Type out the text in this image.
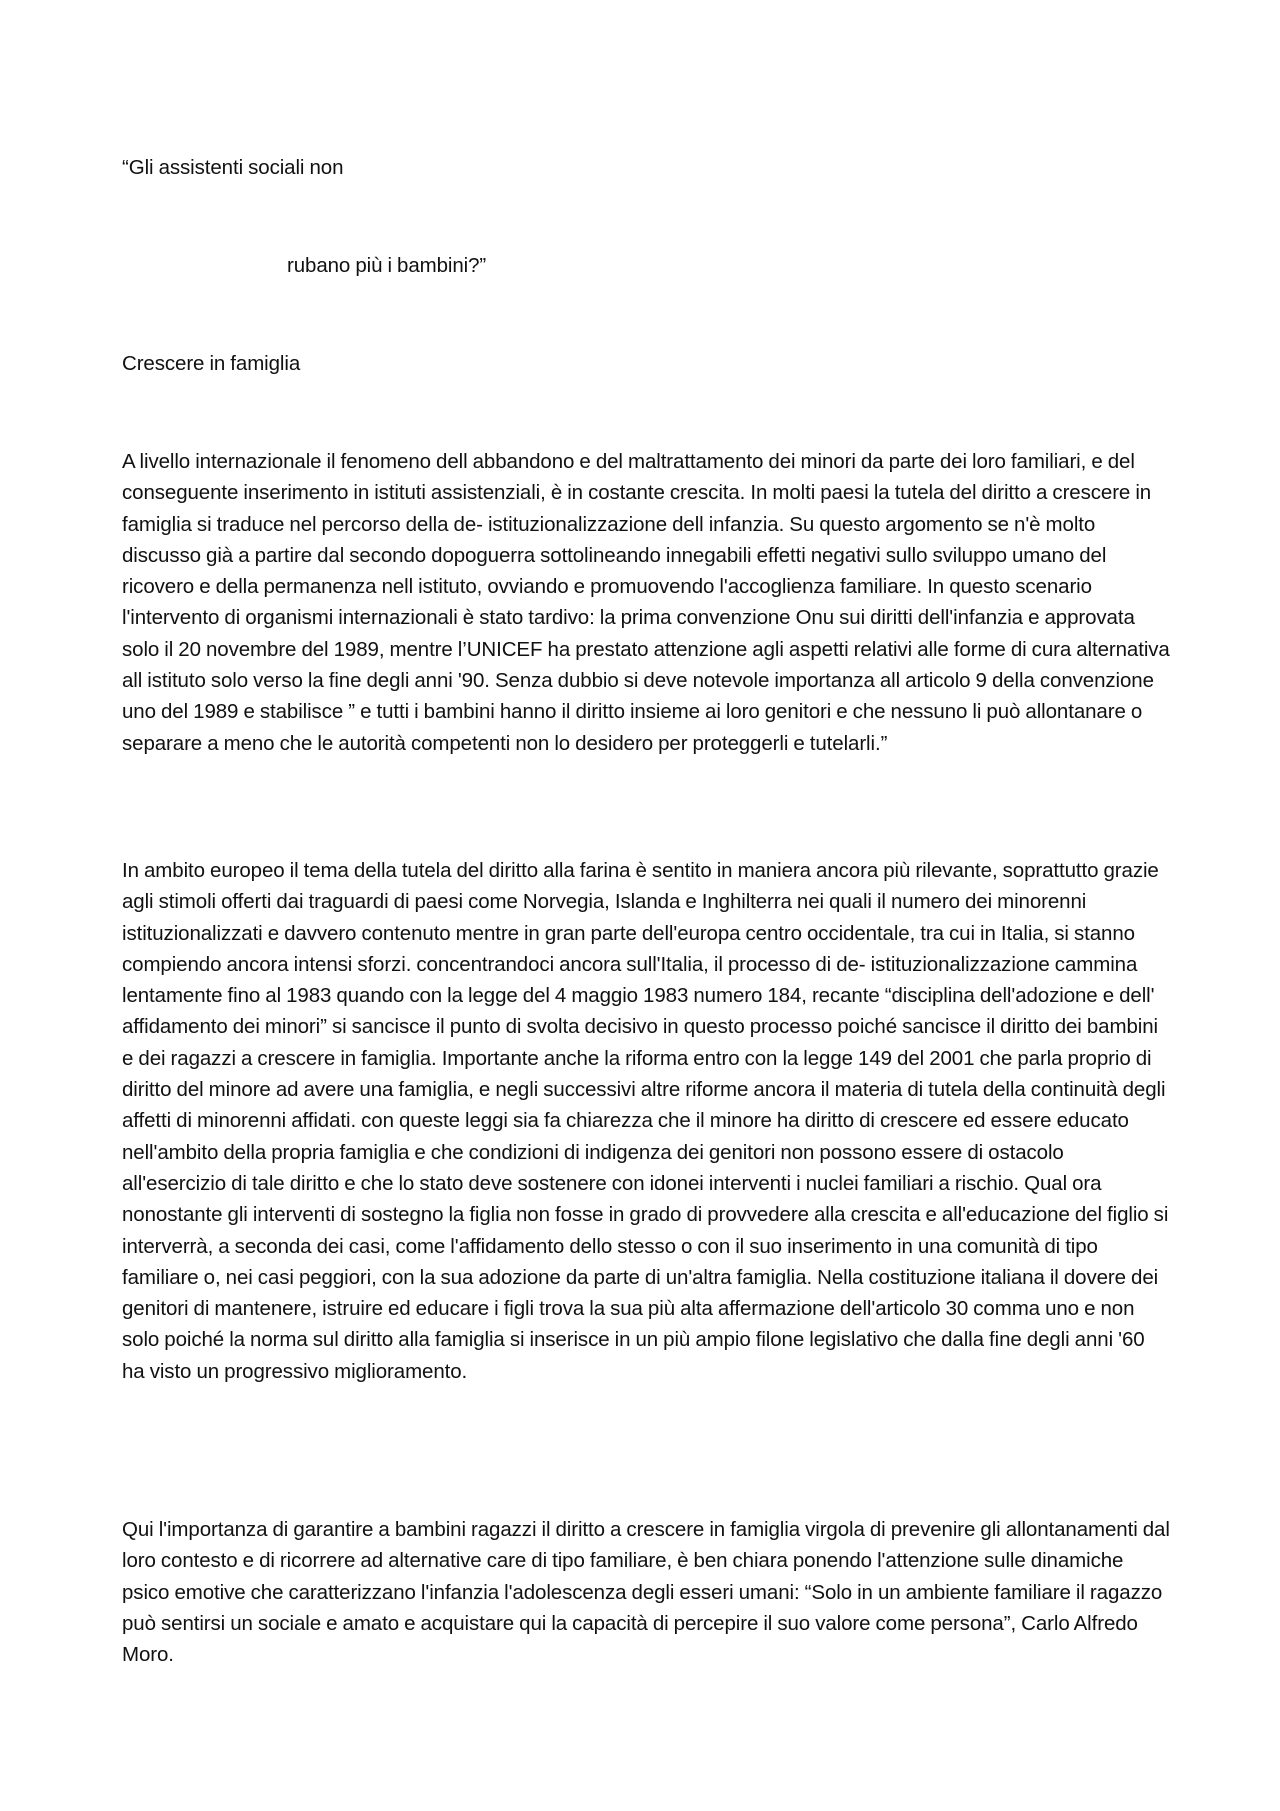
“Gli assistenti sociali non
rubano più i bambini?”
Crescere in famiglia
A livello internazionale il fenomeno dell abbandono e del maltrattamento dei minori da parte dei loro familiari, e del conseguente inserimento in istituti assistenziali, è in costante crescita. In molti paesi la tutela del diritto a crescere in famiglia si traduce nel percorso della de- istituzionalizzazione dell infanzia. Su questo argomento se n'è molto discusso già a partire dal secondo dopoguerra sottolineando innegabili effetti negativi sullo sviluppo umano del ricovero e della permanenza nell istituto, ovviando e promuovendo l'accoglienza familiare. In questo scenario l'intervento di organismi internazionali è stato tardivo: la prima convenzione Onu sui diritti dell'infanzia e approvata solo il 20 novembre del 1989, mentre l’UNICEF ha prestato attenzione agli aspetti relativi alle forme di cura alternativa all istituto solo verso la fine degli anni '90. Senza dubbio si deve notevole importanza all articolo 9 della convenzione uno del 1989 e stabilisce ” e tutti i bambini hanno il diritto insieme ai loro genitori e che nessuno li può allontanare o separare a meno che le autorità competenti non lo desidero per proteggerli e tutelarli.”
In ambito europeo il tema della tutela del diritto alla farina è sentito in maniera ancora più rilevante, soprattutto grazie agli stimoli offerti dai traguardi di paesi come Norvegia, Islanda e Inghilterra nei quali il numero dei minorenni istituzionalizzati e davvero contenuto mentre in gran parte dell'europa centro occidentale, tra cui in Italia, si stanno compiendo ancora intensi sforzi. concentrandoci ancora sull'Italia, il processo di de- istituzionalizzazione cammina lentamente fino al 1983 quando con la legge del 4 maggio 1983 numero 184, recante “disciplina dell'adozione e dell' affidamento dei minori” si sancisce il punto di svolta decisivo in questo processo poiché sancisce il diritto dei bambini e dei ragazzi a crescere in famiglia. Importante anche la riforma entro con la legge 149 del 2001 che parla proprio di diritto del minore ad avere una famiglia, e negli successivi altre riforme ancora il materia di tutela della continuità degli affetti di minorenni affidati. con queste leggi sia fa chiarezza che il minore ha diritto di crescere ed essere educato nell'ambito della propria famiglia e che condizioni di indigenza dei genitori non possono essere di ostacolo all'esercizio di tale diritto e che lo stato deve sostenere con idonei interventi i nuclei familiari a rischio. Qual ora nonostante gli interventi di sostegno la figlia non fosse in grado di provvedere alla crescita e all'educazione del figlio si interverrà, a seconda dei casi, come l'affidamento dello stesso o con il suo inserimento in una comunità di tipo familiare o, nei casi peggiori, con la sua adozione da parte di un'altra famiglia. Nella costituzione italiana il dovere dei genitori di mantenere, istruire ed educare i figli trova la sua più alta affermazione dell'articolo 30 comma uno e non solo poiché la norma sul diritto alla famiglia si inserisce in un più ampio filone legislativo che dalla fine degli anni '60 ha visto un progressivo miglioramento.
Qui l'importanza di garantire a bambini ragazzi il diritto a crescere in famiglia virgola di prevenire gli allontanamenti dal loro contesto e di ricorrere ad alternative care di tipo familiare, è ben chiara ponendo l'attenzione sulle dinamiche psico emotive che caratterizzano l'infanzia l'adolescenza degli esseri umani: “Solo in un ambiente familiare il ragazzo può sentirsi un sociale e amato e acquistare qui la capacità di percepire il suo valore come persona”, Carlo Alfredo Moro.
